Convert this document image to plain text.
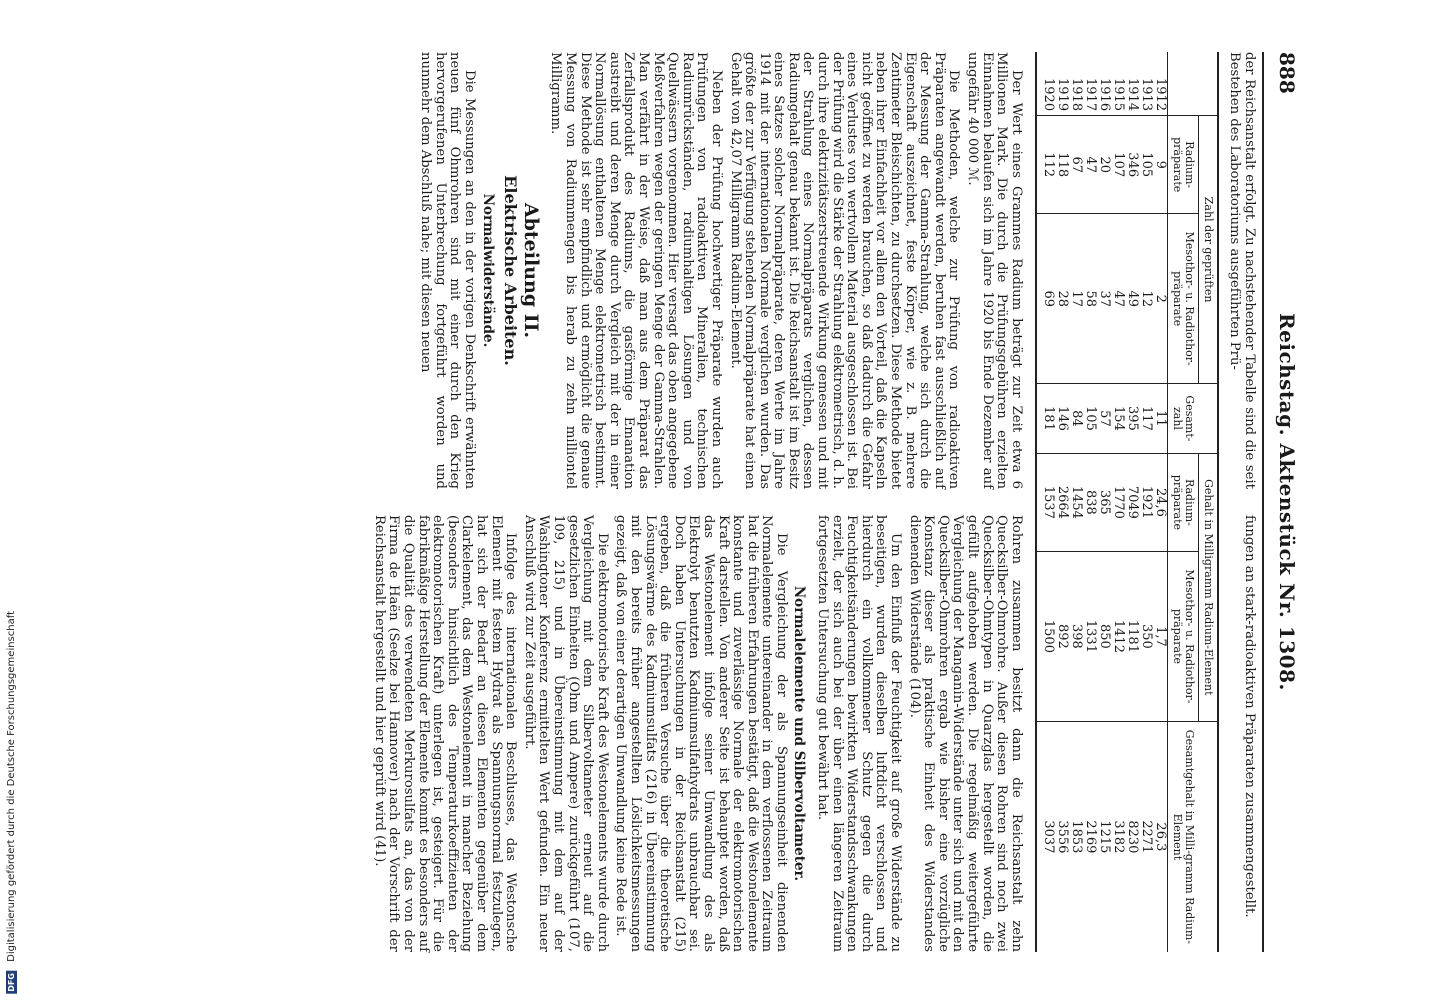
888
Reichstag. Aktenstück Nr. 1308.

der Reichsanstalt erfolgt. Zu nachstehender Tabelle sind die seit Bestehen des Laboratoriums ausgeführten Prü-

fungen an stark-radioaktiven Präparaten zusammengestellt.

	Zahl der geprüften		Gesamt-zahl	Gehalt in Milligramm Radium-Element		Gesamtgehalt in Milli-gramm Radium-Element
	Radium-präparate	Mesothor- u. Radiothor-präparate		Radium-präparate	Mesothor- u. Radiothor-präparate	
1912	9	2	11	24,6	1,7	26,3
1913	105	12	117	1921	350	2271
1914	346	49	395	7049	1181	8230
1915	107	47	154	1770	1412	3182
1916	20	37	57	365	850	1215
1917	47	58	105	838	1331	2169
1918	67	17	84	1454	398	1853
1919	118	28	146	2664	892	3556
1920	112	69	181	1537	1500	3037

Der Wert eines Grammes Radium beträgt zur Zeit etwa 6 Millionen Mark. Die durch die Prüfungsgebühren erzielten Einnahmen belaufen sich im Jahre 1920 bis Ende Dezember auf ungefähr 40 000 ℳ.

Die Methoden, welche zur Prüfung von radioaktiven Präparaten angewandt werden, beruhen fast ausschließlich auf der Messung der Gamma-Strahlung, welche sich durch die Eigenschaft auszeichnet, feste Körper, wie z. B. mehrere Zentimeter Bleischichten, zu durchsetzen. Diese Methode bietet neben ihrer Einfachheit vor allem den Vorteil, daß die Kapseln nicht geöffnet zu werden brauchen, so daß dadurch die Gefahr eines Verlustes von wertvollem Material ausgeschlossen ist. Bei der Prüfung wird die Stärke der Strahlung elektrometrisch, d. h. durch ihre elektrizitätszerstreuende Wirkung gemessen und mit der Strahlung eines Normalpräparats verglichen, dessen Radiumgehalt genau bekannt ist. Die Reichsanstalt ist im Besitz eines Satzes solcher Normalpräparate, deren Werte im Jahre 1914 mit der internationalen Normale verglichen wurden. Das größte der zur Verfügung stehenden Normalpräparate hat einen Gehalt von 42,07 Milligramm Radium-Element.

Neben der Prüfung hochwertiger Präparate wurden auch Prüfungen von radioaktiven Mineralien, technischen Radiumrückständen, radiumhaltigen Lösungen und von Quellwässern vorgenommen. Hier versagt das oben angegebene Meßverfahren wegen der geringen Menge der Gamma-Strahlen. Man verfährt in der Weise, daß man aus dem Präparat das Zerfallsprodukt des Radiums, die gasförmige Emanation austreibt und deren Menge durch Vergleich mit der in einer Normallösung enthaltenen Menge elektrometrisch bestimmt. Diese Methode ist sehr empfindlich und ermöglicht die genaue Messung von Radiummengen bis herab zu zehn milliontel Milligramm.

Abteilung II.
Elektrische Arbeiten.
Normalwiderstände.

Die Messungen an den in der vorigen Denkschrift erwähnten neuen fünf Ohmrohren sind mit einer durch den Krieg hervorgerufenen Unterbrechung fortgeführt worden und nunmehr dem Abschluß nahe; mit diesen neuen

Rohren zusammen besitzt dann die Reichsanstalt zehn Quecksilber-Ohmrohre. Außer diesen Rohren sind noch zwei Quecksilber-Ohmtypen in Quarzglas hergestellt worden, die gefüllt aufgehoben werden. Die regelmäßig weitergeführte Vergleichung der Manganin-Widerstände unter sich und mit den Quecksilber-Ohmrohren ergab wie bisher eine vorzügliche Konstanz dieser als praktische Einheit des Widerstandes dienenden Widerstände (104).

Um den Einfluß der Feuchtigkeit auf große Widerstände zu beseitigen, wurden dieselben luftdicht verschlossen und hierdurch ein vollkommener Schutz gegen die durch Feuchtigkeitsänderungen bewirkten Widerstandsschwankungen erzielt, der sich auch bei der über einen längeren Zeitraum fortgesetzten Untersuchung gut bewährt hat.

Normalelemente und Silbervoltameter.

Die Vergleichung der als Spannungseinheit dienenden Normalelemente untereinander in dem verflossenen Zeitraum hat die früheren Erfahrungen bestätigt, daß die Westonelemente konstante und zuverlässige Normale der elektromotorischen Kraft darstellen. Von anderer Seite ist behauptet worden, daß das Westonelement infolge seiner Umwandlung des als Elektrolyt benutzten Kadmiumsulfathydrats unbrauchbar sei. Doch haben Untersuchungen in der Reichsanstalt (215) ergeben, daß die früheren Versuche über die theoretische Lösungswärme des Kadmiumsulfats (216) in Übereinstimmung mit den bereits früher angestellten Löslichkeitsmessungen gezeigt, daß von einer derartigen Umwandlung keine Rede ist.

Die elektromotorische Kraft des Westonelements wurde durch Vergleichung mit dem Silbervoltameter erneut auf die gesetzlichen Einheiten (Ohm und Ampere) zurückgeführt (107, 109, 215) und in Übereinstimmung mit dem auf der Washingtoner Konferenz ermittelten Wert gefunden. Ein neuer Anschluß wird zur Zeit ausgeführt.

Infolge des internationalen Beschlusses, das Westonsche Element mit festem Hydrat als Spannungsnormal festzulegen, hat sich der Bedarf an diesen Elementen gegenüber dem Clarkelement, das dem Westonelement in mancher Beziehung (besonders hinsichtlich des Temperaturkoeffizienten der elektromotorischen Kraft) unterlegen ist, gesteigert. Für die fabrikmäßige Herstellung der Elemente kommt es besonders auf die Qualität des verwendeten Merkurosulfats an, das von der Firma de Haën (Seelze bei Hannover) nach der Vorschrift der Reichsanstalt hergestellt und hier geprüft wird (41).

DFG Digitalisierung gefördert durch die Deutsche Forschungsgemeinschaft
